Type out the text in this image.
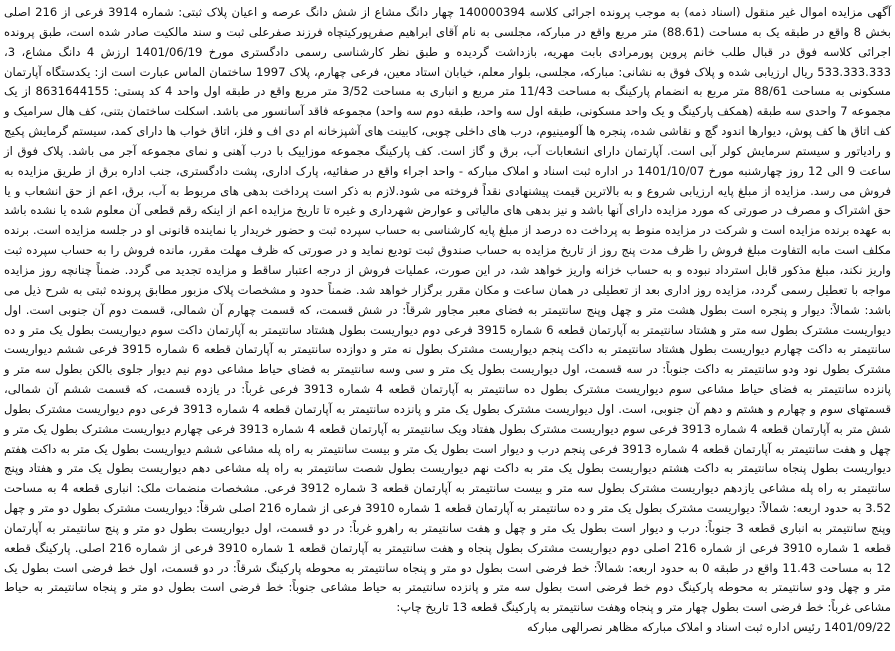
آگهی مزایده اموال غیر منقول (اسناد ذمه) به موجب پرونده اجرائی کلاسه 140000394 چهار دانگ مشاع از شش دانگ عرصه و اعیان پلاک ثبتی: شماره 3914 فرعی از 216 اصلی بخش 8 واقع در طبقه یک به مساحت (88.61) متر مربع واقع در مبارکه، مجلسی به نام آقای ابراهیم صفرپورکیتچاه فرزند صفرعلی ثبت و سند مالکیت صادر شده است، طبق پرونده اجرائی کلاسه فوق در قبال طلب خانم پروین پورمرادی بابت مهریه، بازداشت گردیده و طبق نظر کارشناسی رسمی دادگستری مورخ 1401/06/19 ارزش 4 دانگ مشاع، 3، 533.333.333 ریال ارزیابی شده و پلاک فوق به نشانی: مبارکه، مجلسی، بلوار معلم، خیابان استاد معین، فرعی چهارم، پلاک 1997 ساختمان الماس عبارت است از: یکدستگاه آپارتمان مسکونی به مساحت 88/61 متر مربع به انضمام پارکینگ به مساحت 11/43 متر مربع و انباری به مساحت 3/52 متر مربع واقع در طبقه اول واحد 4 کد پستی: 8631644155 از یک مجموعه 7 واحدی سه طبقه (همکف پارکینگ و یک واحد مسکونی، طبقه اول سه واحد، طبقه دوم سه واحد) مجموعه فاقد آسانسور می باشد. اسکلت ساختمان بتنی، کف هال سرامیک و کف اتاق ها کف پوش، دیوارها اندود گچ و نقاشی شده، پنجره ها آلومینیوم، درب های داخلی چوبی، کابینت های آشپزخانه ام دی اف و فلز، اتاق خواب ها دارای کمد، سیستم گرمایش پکیج و رادیاتور و سیستم سرمایش کولر آبی است. آپارتمان دارای انشعابات آب، برق و گاز است. کف پارکینگ مجموعه موزاییک با درب آهنی و نمای مجموعه آجر می باشد. پلاک فوق از ساعت 9 الی 12 روز چهارشنبه مورخ 1401/10/07 در اداره ثبت اسناد و املاک مبارکه - واحد اجراء واقع در صفائیه، پارک اداری، پشت دادگستری، جنب اداره برق از طریق مزایده به فروش می رسد. مزایده از مبلغ پایه ارزیابی شروع و به بالاترین قیمت پیشنهادی نقداً فروخته می شود.لازم به ذکر است پرداخت بدهی های مربوط به آب، برق، اعم از حق انشعاب و یا حق اشتراک و مصرف در صورتی که مورد مزایده دارای آنها باشد و نیز بدهی های مالیاتی و عوارض شهرداری و غیره تا تاریخ مزایده اعم از اینکه رقم قطعی آن معلوم شده یا نشده باشد به عهده برنده مزایده است و شرکت در مزایده منوط به پرداخت ده درصد از مبلغ پایه کارشناسی به حساب سپرده ثبت و حضور خریدار یا نماینده قانونی او در جلسه مزایده است. برنده مکلف است مابه التفاوت مبلغ فروش را ظرف مدت پنج روز از تاریخ مزایده به حساب صندوق ثبت تودیع نماید و در صورتی که ظرف مهلت مقرر، مانده فروش را به حساب سپرده ثبت واریز نکند، مبلغ مذکور قابل استرداد نبوده و به حساب خزانه واریز خواهد شد، در این صورت، عملیات فروش از درجه اعتبار ساقط و مزایده تجدید می گردد. ضمناً چنانچه روز مزایده مواجه با تعطیل رسمی گردد، مزایده روز اداری بعد از تعطیلی در همان ساعت و مکان مقرر برگزار خواهد شد. ضمناً حدود و مشخصات پلاک مزبور مطابق پرونده ثبتی به شرح ذیل می باشد: شمالاً: دیوار و پنجره است بطول هشت متر و چهل وپنج سانتیمتر به فضای معبر مجاور شرقاً: در شش قسمت، که قسمت چهارم آن شمالی، قسمت دوم آن جنوبی است. اول دیواریست مشترک بطول سه متر و هشتاد سانتیمتر به آپارتمان قطعه 6 شماره 3915 فرعی دوم دیواریست بطول هشتاد سانتیمتر به آپارتمان داکت سوم دیواریست بطول یک متر و ده سانتیمتر به داکت چهارم دیواریست بطول هشتاد سانتیمتر به داکت پنجم دیواریست مشترک بطول نه متر و دوازده سانتیمتر به آپارتمان قطعه 6 شماره 3915 فرعی ششم دیواریست مشترک بطول نود ودو سانتیمتر به داکت جنوباً: در سه قسمت، اول دیواریست بطول یک متر و سی وسه سانتیمتر به فضای حیاط مشاعی دوم نیم دیوار جلوی بالکن بطول سه متر و پانزده سانتیمتر به فضای حیاط مشاعی سوم دیواریست مشترک بطول ده سانتیمتر به آپارتمان قطعه 4 شماره 3913 فرعی غرباً: در یازده قسمت، که قسمت ششم آن شمالی، قسمتهای سوم و چهارم و هشتم و دهم آن جنوبی، است. اول دیواریست مشترک بطول یک متر و پانزده سانتیمتر به آپارتمان قطعه 4 شماره 3913 فرعی دوم دیواریست مشترک بطول شش متر به آپارتمان قطعه 4 شماره 3913 فرعی سوم دیواریست مشترک بطول هفتاد ویک سانتیمتر به آپارتمان قطعه 4 شماره 3913 فرعی چهارم دیواریست مشترک بطول یک متر و چهل و هفت سانتیمتر به آپارتمان قطعه 4 شماره 3913 فرعی پنجم درب و دیوار است بطول یک متر و بیست سانتیمتر به راه پله مشاعی ششم دیواریست بطول یک متر به داکت هفتم دیواریست بطول پنجاه سانتیمتر به داکت هشتم دیواریست بطول یک متر به داکت نهم دیواریست بطول شصت سانتیمتر به راه پله مشاعی دهم دیواریست بطول یک متر و هفتاد وپنج سانتیمتر به راه پله مشاعی یازدهم دیواریست مشترک بطول سه متر و بیست سانتیمتر به آپارتمان قطعه 3 شماره 3912 فرعی. مشخصات منضمات ملک: انباری قطعه 4 به مساحت 3.52 به حدود اربعه: شمالاً: دیواریست مشترک بطول یک متر و ده سانتیمتر به آپارتمان قطعه 1 شماره 3910 فرعی از شماره 216 اصلی شرقاً: دیواریست مشترک بطول دو متر و چهل وپنج سانتیمتر به انباری قطعه 3 جنوباً: درب و دیوار است بطول یک متر و چهل و هفت سانتیمتر به راهرو غرباً: در دو قسمت، اول دیواریست بطول دو متر و پنج سانتیمتر به آپارتمان قطعه 1 شماره 3910 فرعی از شماره 216 اصلی دوم دیواریست مشترک بطول پنجاه و هفت سانتیمتر به آپارتمان قطعه 1 شماره 3910 فرعی از شماره 216 اصلی. پارکینگ قطعه 12 به مساحت 11.43 واقع در طبقه 0 به حدود اربعه: شمالاً: خط فرضی است بطول دو متر و پنجاه سانتیمتر به محوطه پارکینگ شرقاً: در دو قسمت، اول خط فرضی است بطول یک متر و چهل ودو سانتیمتر به محوطه پارکینگ دوم خط فرضی است بطول سه متر و پانزده سانتیمتر به حیاط مشاعی جنوباً: خط فرضی است بطول دو متر و پنجاه سانتیمتر به حیاط مشاعی غرباً: خط فرضی است بطول چهار متر و پنجاه وهفت سانتیمتر به پارکینگ قطعه 13 تاریخ چاپ:

1401/09/22 رئیس اداره ثبت اسناد و املاک مبارکه مظاهر نصرالهی مبارکه
